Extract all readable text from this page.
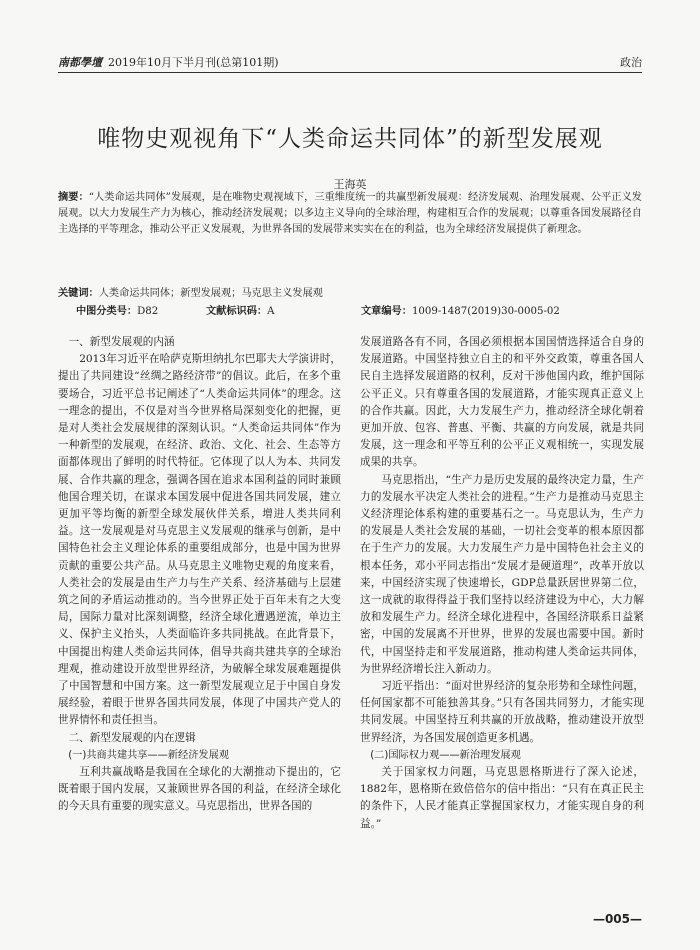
南都學壇 2019年10月下半月刊(总第101期)	政治
唯物史观视角下“人类命运共同体”的新型发展观
王海英
摘要：“人类命运共同体”发展观，是在唯物史观视域下，三重维度统一的共赢型新发展观：经济发展观、治理发展观、公平正义发展观。以大力发展生产力为核心，推动经济发展观；以多边主义导向的全球治理，构建相互合作的发展观；以尊重各国发展路径自主选择的平等理念，推动公平正义发展观，为世界各国的发展带来实实在在的利益，也为全球经济发展提供了新理念。
关键词：人类命运共同体；新型发展观；马克思主义发展观
中图分类号：D82	文献标识码：A	文章编号：1009-1487(2019)30-0005-02

一、新型发展观的内涵

2013年习近平在哈萨克斯坦纳扎尔巴耶夫大学演讲时，提出了共同建设“丝绸之路经济带”的倡议。此后，在多个重要场合，习近平总书记阐述了“人类命运共同体”的理念。这一理念的提出，不仅是对当今世界格局深刻变化的把握，更是对人类社会发展规律的深刻认识。“人类命运共同体”作为一种新型的发展观，在经济、政治、文化、社会、生态等方面都体现出了鲜明的时代特征。它体现了以人为本、共同发展、合作共赢的理念，强调各国在追求本国利益的同时兼顾他国合理关切，在谋求本国发展中促进各国共同发展，建立更加平等均衡的新型全球发展伙伴关系，增进人类共同利益。这一发展观是对马克思主义发展观的继承与创新，是中国特色社会主义理论体系的重要组成部分，也是中国为世界贡献的重要公共产品。从马克思主义唯物史观的角度来看，人类社会的发展是由生产力与生产关系、经济基础与上层建筑之间的矛盾运动推动的。当今世界正处于百年未有之大变局，国际力量对比深刻调整，经济全球化遭遇逆流，单边主义、保护主义抬头，人类面临许多共同挑战。在此背景下，中国提出构建人类命运共同体，倡导共商共建共享的全球治理观，推动建设开放型世界经济，为破解全球发展难题提供了中国智慧和中国方案。这一新型发展观立足于中国自身发展经验，着眼于世界各国共同发展，体现了中国共产党人的世界情怀和责任担当。

二、新型发展观的内在逻辑

(一)共商共建共享——新经济发展观

互利共赢战略是我国在全球化的大潮推动下提出的，它既着眼于国内发展，又兼顾世界各国的利益，在经济全球化的今天具有重要的现实意义。马克思指出，世界各国的

发展道路各有不同，各国必须根据本国国情选择适合自身的发展道路。中国坚持独立自主的和平外交政策，尊重各国人民自主选择发展道路的权利，反对干涉他国内政，维护国际公平正义。只有尊重各国的发展道路，才能实现真正意义上的合作共赢。因此，大力发展生产力，推动经济全球化朝着更加开放、包容、普惠、平衡、共赢的方向发展，就是共同发展，这一理念和平等互利的公平正义观相统一，实现发展成果的共享。

马克思指出，“生产力是历史发展的最终决定力量，生产力的发展水平决定人类社会的进程。”生产力是推动马克思主义经济理论体系构建的重要基石之一。马克思认为，生产力的发展是人类社会发展的基础，一切社会变革的根本原因都在于生产力的发展。大力发展生产力是中国特色社会主义的根本任务，邓小平同志指出“发展才是硬道理”，改革开放以来，中国经济实现了快速增长，GDP总量跃居世界第二位，这一成就的取得得益于我们坚持以经济建设为中心，大力解放和发展生产力。经济全球化进程中，各国经济联系日益紧密，中国的发展离不开世界，世界的发展也需要中国。新时代，中国坚持走和平发展道路，推动构建人类命运共同体，为世界经济增长注入新动力。

习近平指出：“面对世界经济的复杂形势和全球性问题，任何国家都不可能独善其身。”只有各国共同努力，才能实现共同发展。中国坚持互利共赢的开放战略，推动建设开放型世界经济，为各国发展创造更多机遇。

(二)国际权力观——新治理发展观

关于国家权力问题，马克思恩格斯进行了深入论述，1882年，恩格斯在致倍倍尔的信中指出：“只有在真正民主的条件下，人民才能真正掌握国家权力，才能实现自身的利益。”

—005—
